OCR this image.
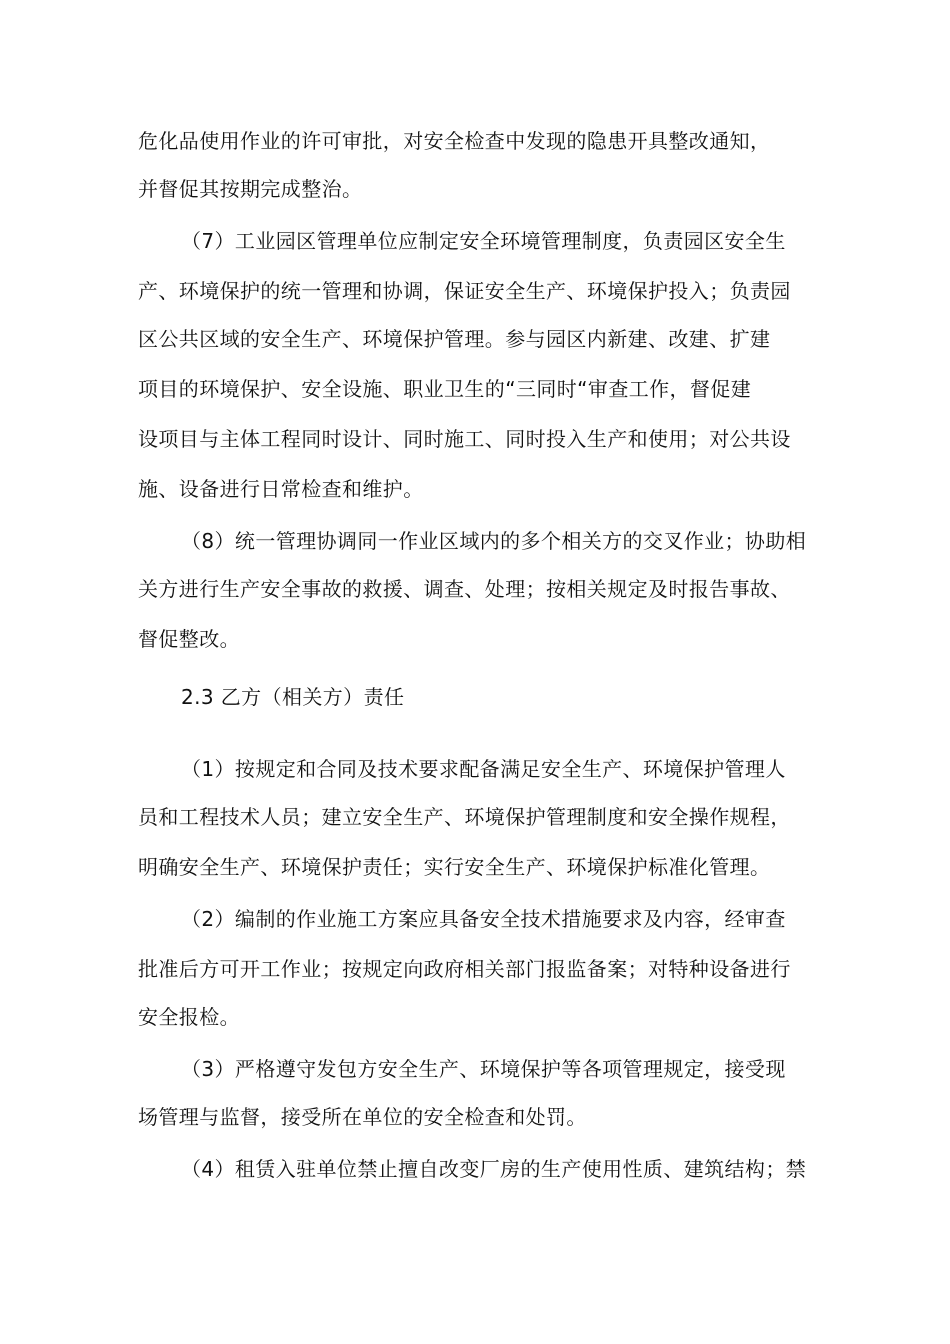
危化品使用作业的许可审批，对安全检查中发现的隐患开具整改通知，
并督促其按期完成整治。
（7）工业园区管理单位应制定安全环境管理制度，负责园区安全生
产、环境保护的统一管理和协调，保证安全生产、环境保护投入；负责园
区公共区域的安全生产、环境保护管理。参与园区内新建、改建、扩建
项目的环境保护、安全设施、职业卫生的“三同时“审查工作，督促建
设项目与主体工程同时设计、同时施工、同时投入生产和使用；对公共设
施、设备进行日常检查和维护。
（8）统一管理协调同一作业区域内的多个相关方的交叉作业；协助相
关方进行生产安全事故的救援、调查、处理；按相关规定及时报告事故、
督促整改。
2.3 乙方（相关方）责任
（1）按规定和合同及技术要求配备满足安全生产、环境保护管理人
员和工程技术人员；建立安全生产、环境保护管理制度和安全操作规程，
明确安全生产、环境保护责任；实行安全生产、环境保护标准化管理。
（2）编制的作业施工方案应具备安全技术措施要求及内容，经审查
批准后方可开工作业；按规定向政府相关部门报监备案；对特种设备进行
安全报检。
（3）严格遵守发包方安全生产、环境保护等各项管理规定，接受现
场管理与监督，接受所在单位的安全检查和处罚。
（4）租赁入驻单位禁止擅自改变厂房的生产使用性质、建筑结构；禁
